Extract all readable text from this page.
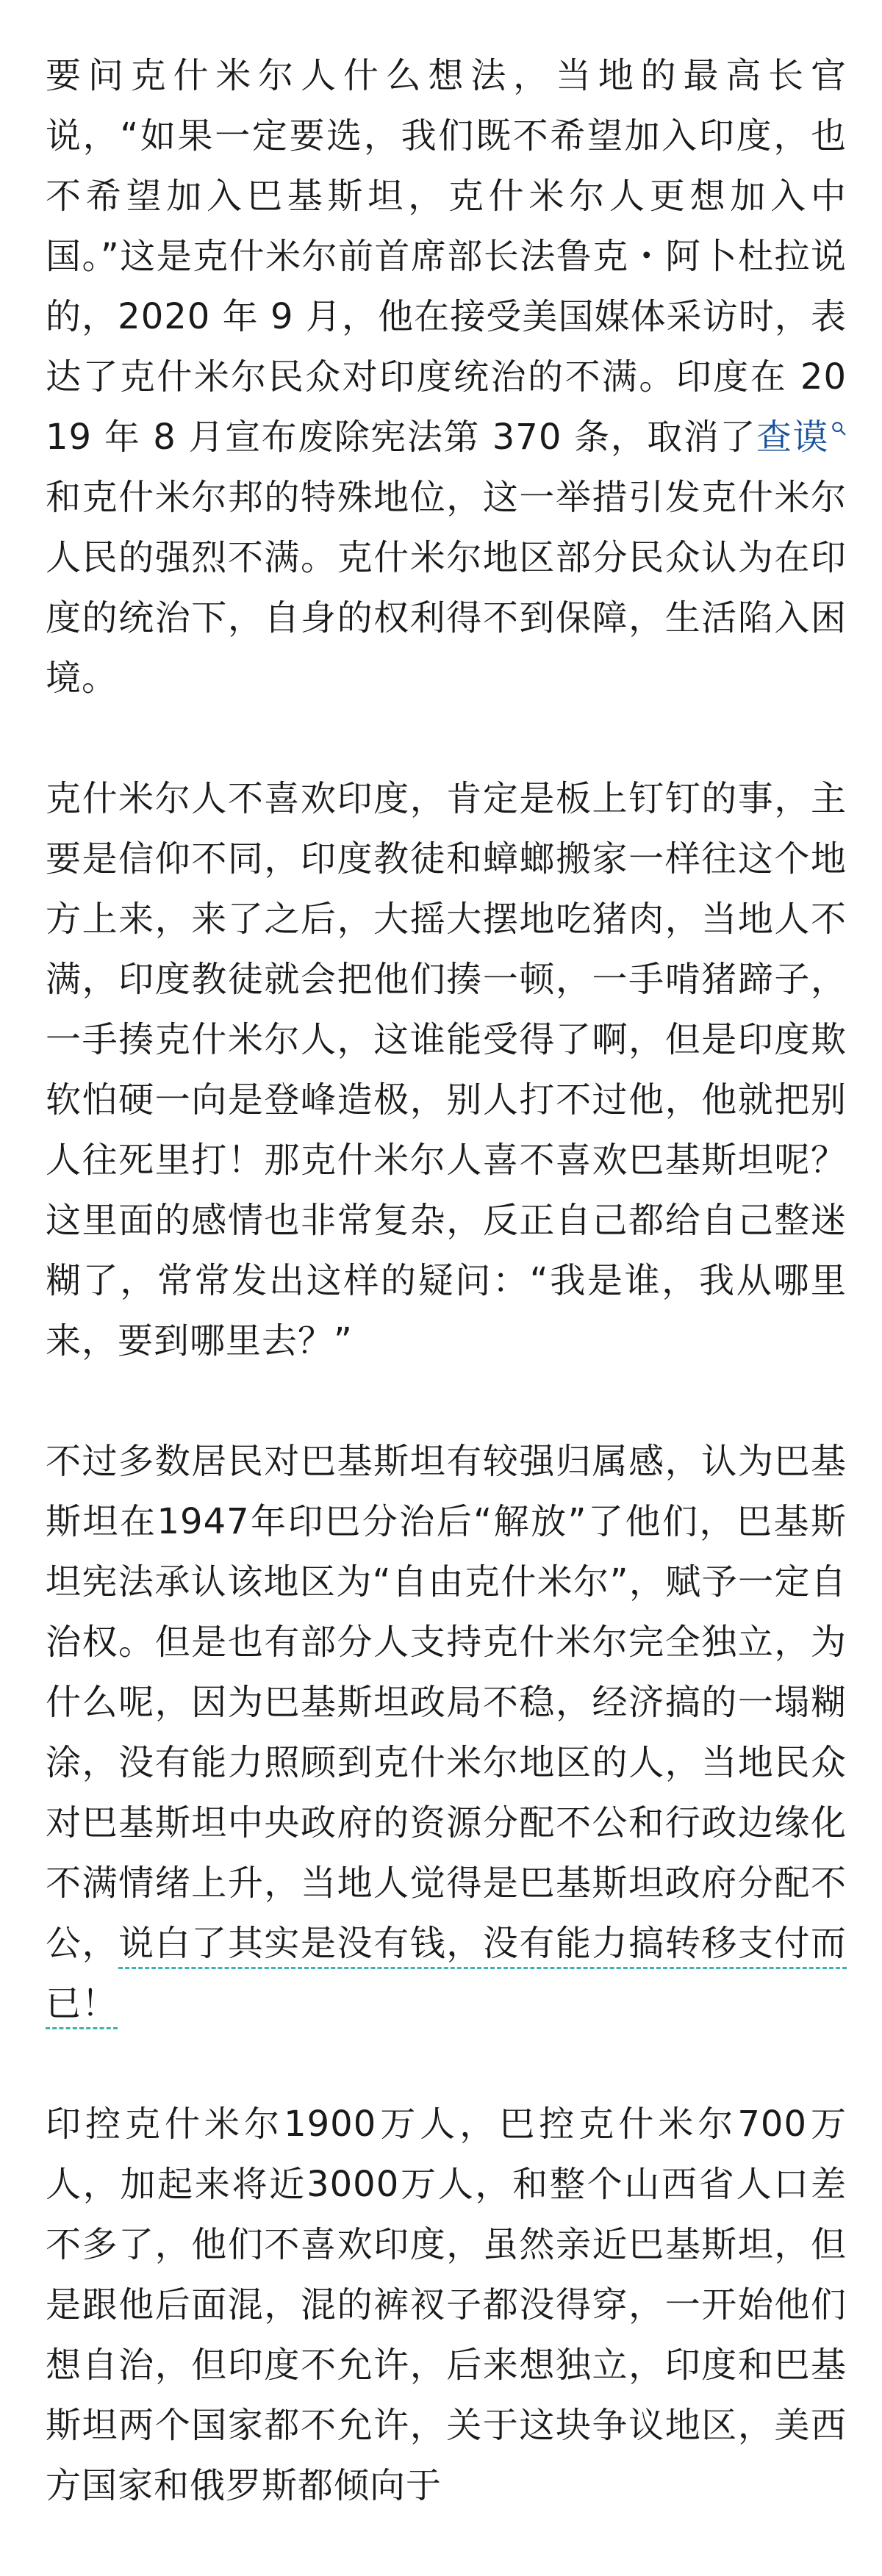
要问克什米尔人什么想法，当地的最高长官说，“如果一定要选，我们既不希望加入印度，也不希望加入巴基斯坦，克什米尔人更想加入中国。”这是克什米尔前首席部长法鲁克・阿卜杜拉说的，2020 年 9 月，他在接受美国媒体采访时，表达了克什米尔民众对印度统治的不满。印度在 2019 年 8 月宣布废除宪法第 370 条，取消了查谟和克什米尔邦的特殊地位，这一举措引发克什米尔人民的强烈不满。克什米尔地区部分民众认为在印度的统治下，自身的权利得不到保障，生活陷入困境。

克什米尔人不喜欢印度，肯定是板上钉钉的事，主要是信仰不同，印度教徒和蟑螂搬家一样往这个地方上来，来了之后，大摇大摆地吃猪肉，当地人不满，印度教徒就会把他们揍一顿，一手啃猪蹄子，一手揍克什米尔人，这谁能受得了啊，但是印度欺软怕硬一向是登峰造极，别人打不过他，他就把别人往死里打！那克什米尔人喜不喜欢巴基斯坦呢？这里面的感情也非常复杂，反正自己都给自己整迷糊了，常常发出这样的疑问：“我是谁，我从哪里来，要到哪里去？”

不过多数居民对巴基斯坦有较强归属感，认为巴基斯坦在1947年印巴分治后“解放”了他们，巴基斯坦宪法承认该地区为“自由克什米尔”，赋予一定自治权。但是也有部分人支持克什米尔完全独立，为什么呢，因为巴基斯坦政局不稳，经济搞的一塌糊涂，没有能力照顾到克什米尔地区的人，当地民众对巴基斯坦中央政府的资源分配不公和行政边缘化不满情绪上升，当地人觉得是巴基斯坦政府分配不公，说白了其实是没有钱，没有能力搞转移支付而已！

印控克什米尔1900万人，巴控克什米尔700万人，加起来将近3000万人，和整个山西省人口差不多了，他们不喜欢印度，虽然亲近巴基斯坦，但是跟他后面混，混的裤衩子都没得穿，一开始他们想自治，但印度不允许，后来想独立，印度和巴基斯坦两个国家都不允许，关于这块争议地区，美西方国家和俄罗斯都倾向于
